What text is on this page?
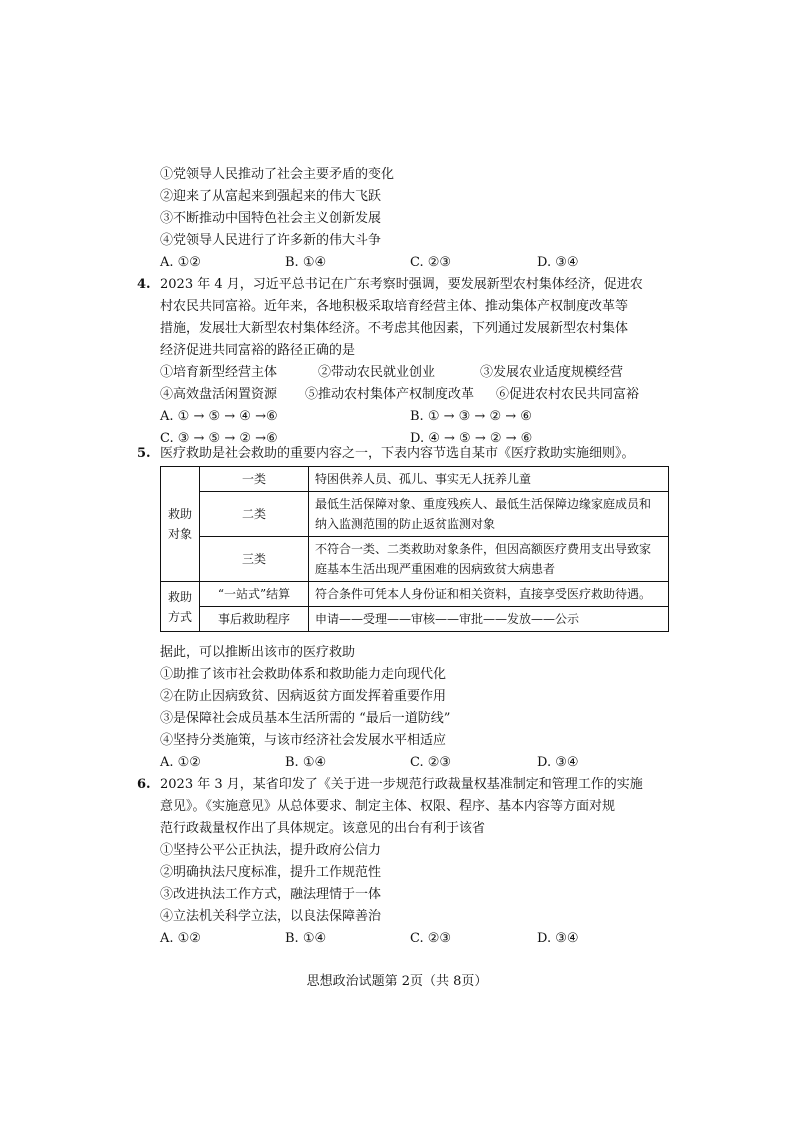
①党领导人民推动了社会主要矛盾的变化
②迎来了从富起来到强起来的伟大飞跃
③不断推动中国特色社会主义创新发展
④党领导人民进行了许多新的伟大斗争
A. ①②	B. ①④	C. ②③	D. ③④
4. 2023 年 4 月，习近平总书记在广东考察时强调，要发展新型农村集体经济，促进农
村农民共同富裕。近年来，各地积极采取培育经营主体、推动集体产权制度改革等
措施，发展壮大新型农村集体经济。不考虑其他因素，下列通过发展新型农村集体
经济促进共同富裕的路径正确的是
①培育新型经营主体	②带动农民就业创业	③发展农业适度规模经营
④高效盘活闲置资源 ⑤推动农村集体产权制度改革 ⑥促进农村农民共同富裕
A. ① → ⑤ → ④ →⑥	B. ① → ③ → ② → ⑥
C. ③ → ⑤ → ② →⑥	D. ④ → ⑤ → ② → ⑥
5. 医疗救助是社会救助的重要内容之一，下表内容节选自某市《医疗救助实施细则》。
救助对象	一类	特困供养人员、孤儿、事实无人抚养儿童
	二类	最低生活保障对象、重度残疾人、最低生活保障边缘家庭成员和纳入监测范围的防止返贫监测对象
	三类	不符合一类、二类救助对象条件，但因高额医疗费用支出导致家庭基本生活出现严重困难的因病致贫大病患者
救助方式	“一站式”结算	符合条件可凭本人身份证和相关资料，直接享受医疗救助待遇。
	事后救助程序	申请——受理——审核——审批——发放——公示
据此，可以推断出该市的医疗救助
①助推了该市社会救助体系和救助能力走向现代化
②在防止因病致贫、因病返贫方面发挥着重要作用
③是保障社会成员基本生活所需的 “最后一道防线”
④坚持分类施策，与该市经济社会发展水平相适应
A. ①②	B. ①④	C. ②③	D. ③④
6. 2023 年 3 月，某省印发了《关于进一步规范行政裁量权基准制定和管理工作的实施
意见》。《实施意见》从总体要求、制定主体、权限、程序、基本内容等方面对规
范行政裁量权作出了具体规定。该意见的出台有利于该省
①坚持公平公正执法，提升政府公信力
②明确执法尺度标准，提升工作规范性
③改进执法工作方式，融法理情于一体
④立法机关科学立法，以良法保障善治
A. ①②	B. ①④	C. ②③	D. ③④
思想政治试题第 2页（共 8页）
